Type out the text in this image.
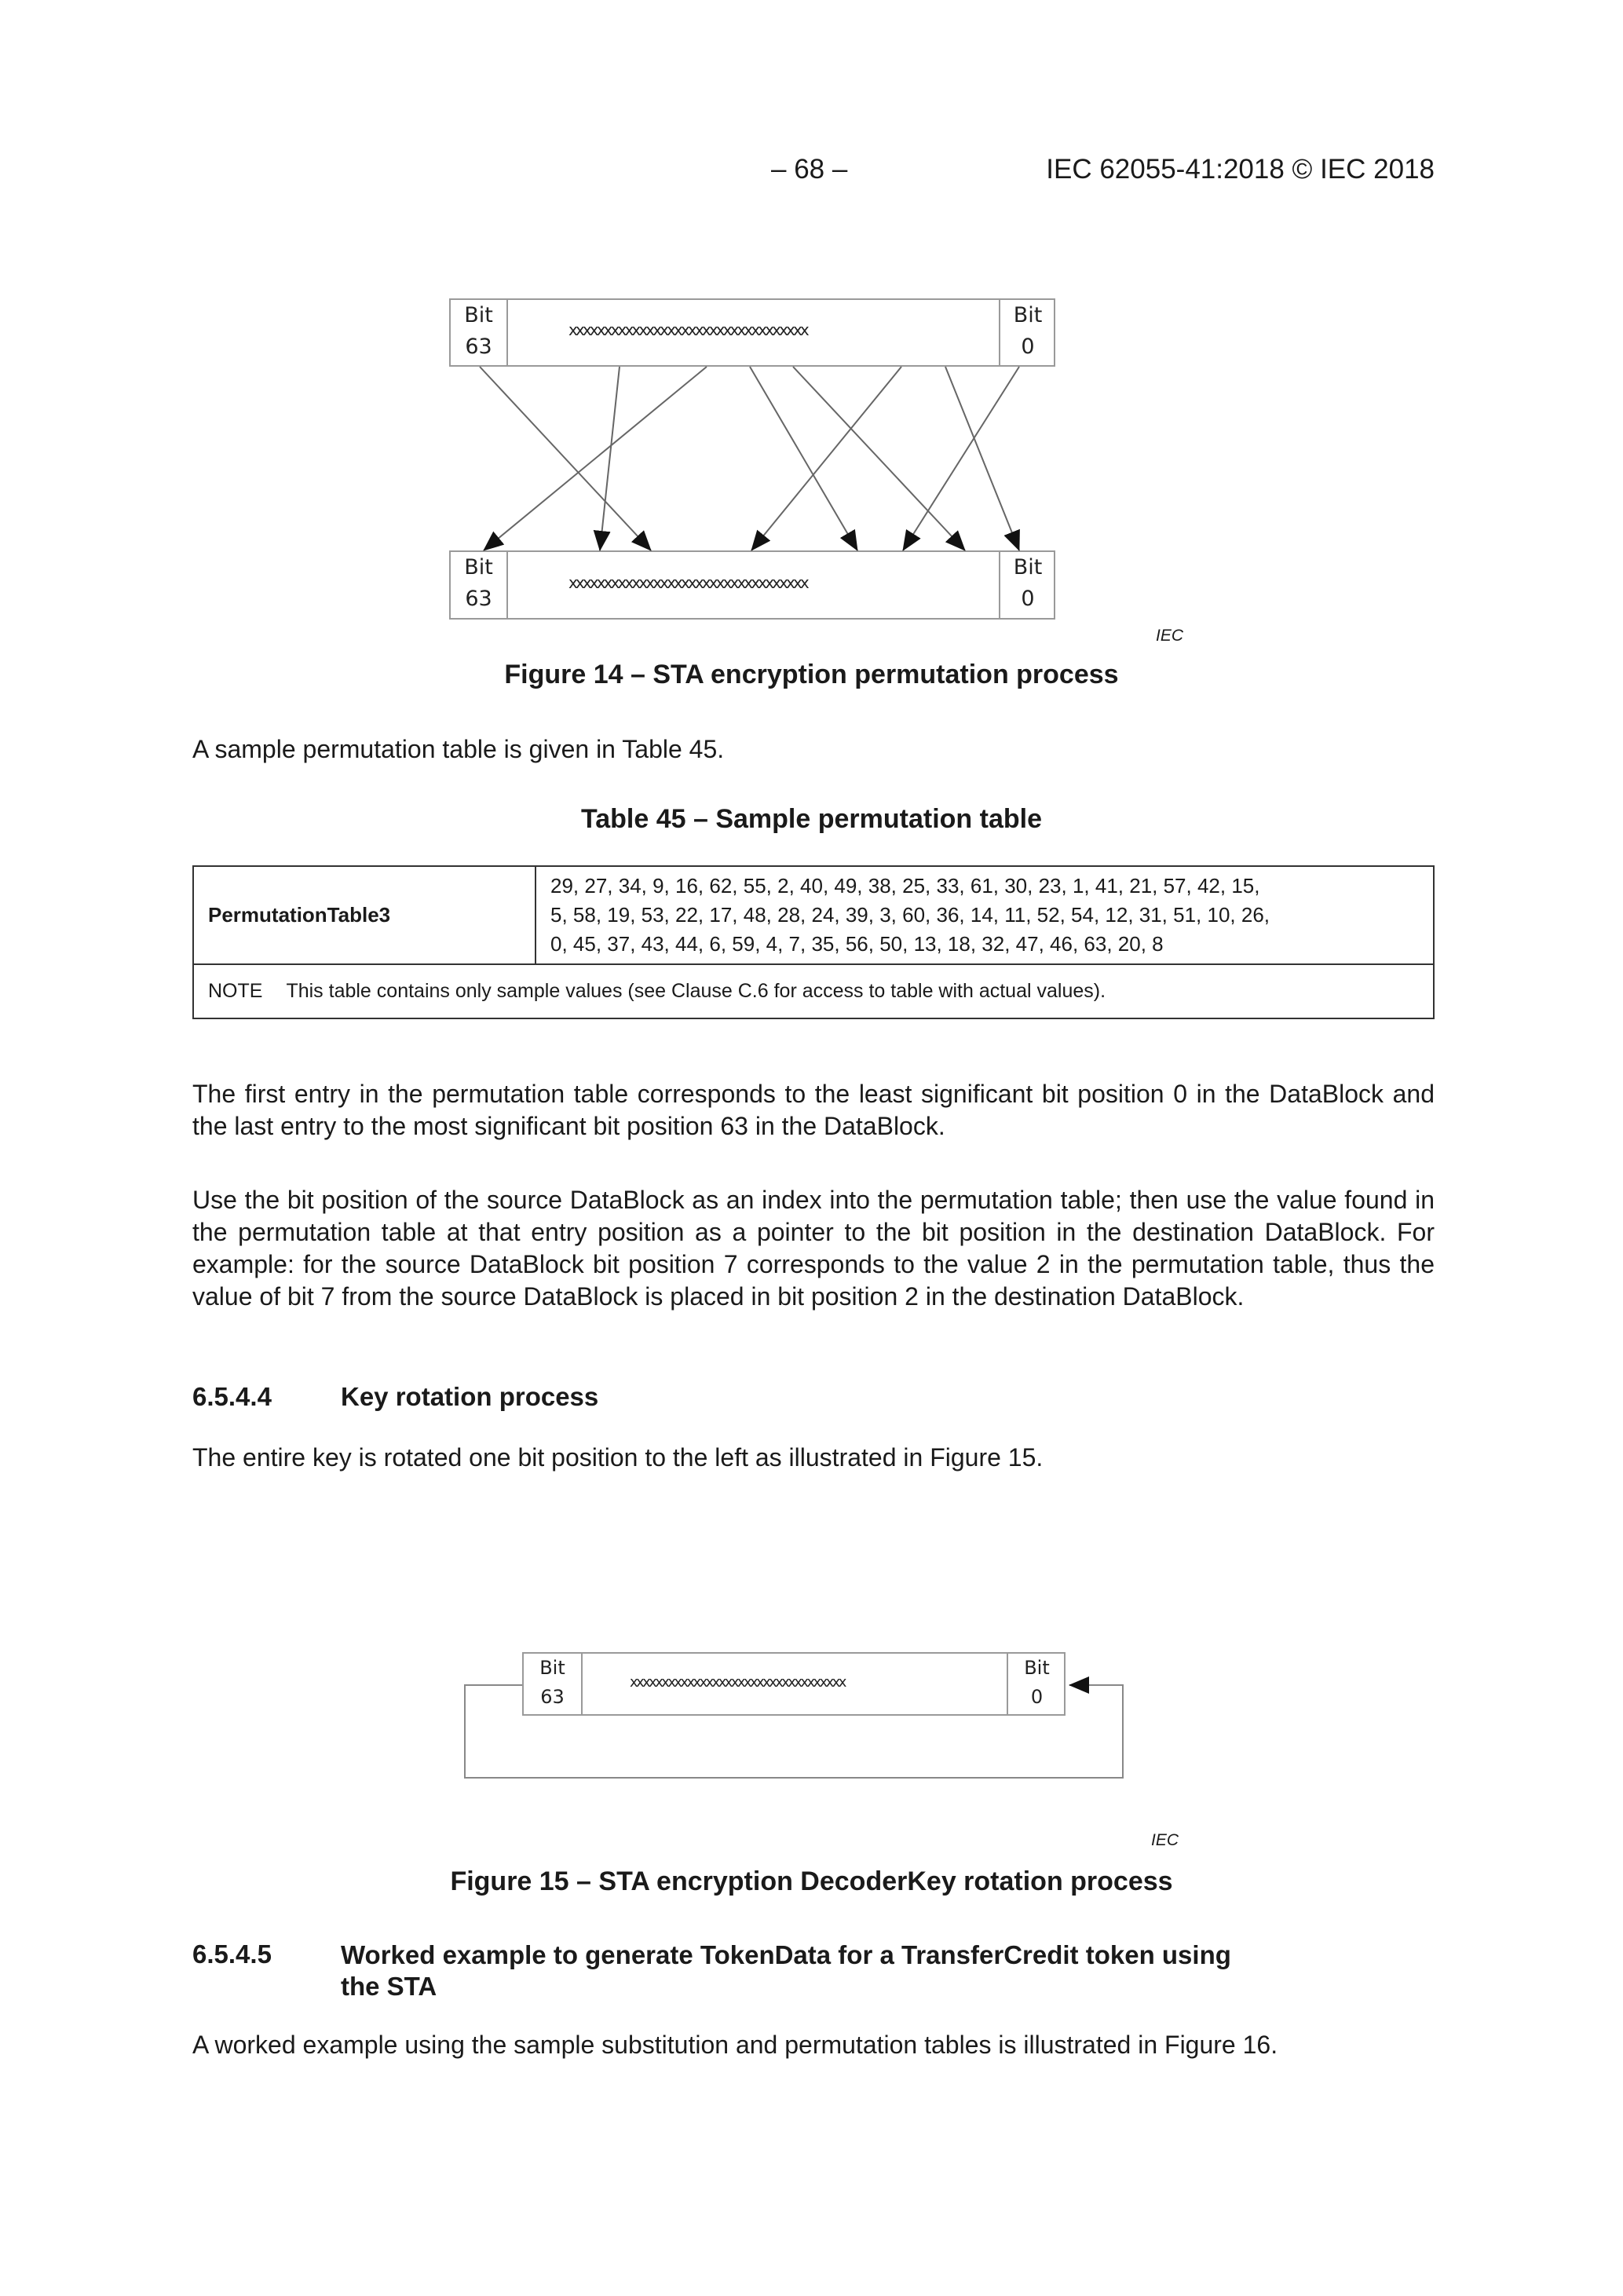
– 68 –	IEC 62055-41:2018 © IEC 2018
Bit
63
xxxxxxxxxxxxxxxxxxxxxxxxxxxxxxxxxx
Bit
0
Bit
63
xxxxxxxxxxxxxxxxxxxxxxxxxxxxxxxxxx
Bit
0
IEC
Figure 14 – STA encryption permutation process
A sample permutation table is given in Table 45.
Table 45 – Sample permutation table
PermutationTable3	
29, 27, 34, 9, 16, 62, 55, 2, 40, 49, 38, 25, 33, 61, 30, 23, 1, 41, 21, 57, 42, 15,
5, 58, 19, 53, 22, 17, 48, 28, 24, 39, 3, 60, 36, 14, 11, 52, 54, 12, 31, 51, 10, 26,
0, 45, 37, 43, 44, 6, 59, 4, 7, 35, 56, 50, 13, 18, 32, 47, 46, 63, 20, 8

NOTE This table contains only sample values (see Clause C.6 for access to table with actual values).
The first entry in the permutation table corresponds to the least significant bit position 0 in the DataBlock and the last entry to the most significant bit position 63 in the DataBlock.
Use the bit position of the source DataBlock as an index into the permutation table; then use the value found in the permutation table at that entry position as a pointer to the bit position in the destination DataBlock. For example: for the source DataBlock bit position 7 corresponds to the value 2 in the permutation table, thus the value of bit 7 from the source DataBlock is placed in bit position 2 in the destination DataBlock.
6.5.4.4	Key rotation process
The entire key is rotated one bit position to the left as illustrated in Figure 15.
Bit
63
xxxxxxxxxxxxxxxxxxxxxxxxxxxxxxxxxx
Bit
0
IEC
Figure 15 – STA encryption DecoderKey rotation process
6.5.4.5	Worked example to generate TokenData for a TransferCredit token using
the STA
A worked example using the sample substitution and permutation tables is illustrated in Figure 16.
